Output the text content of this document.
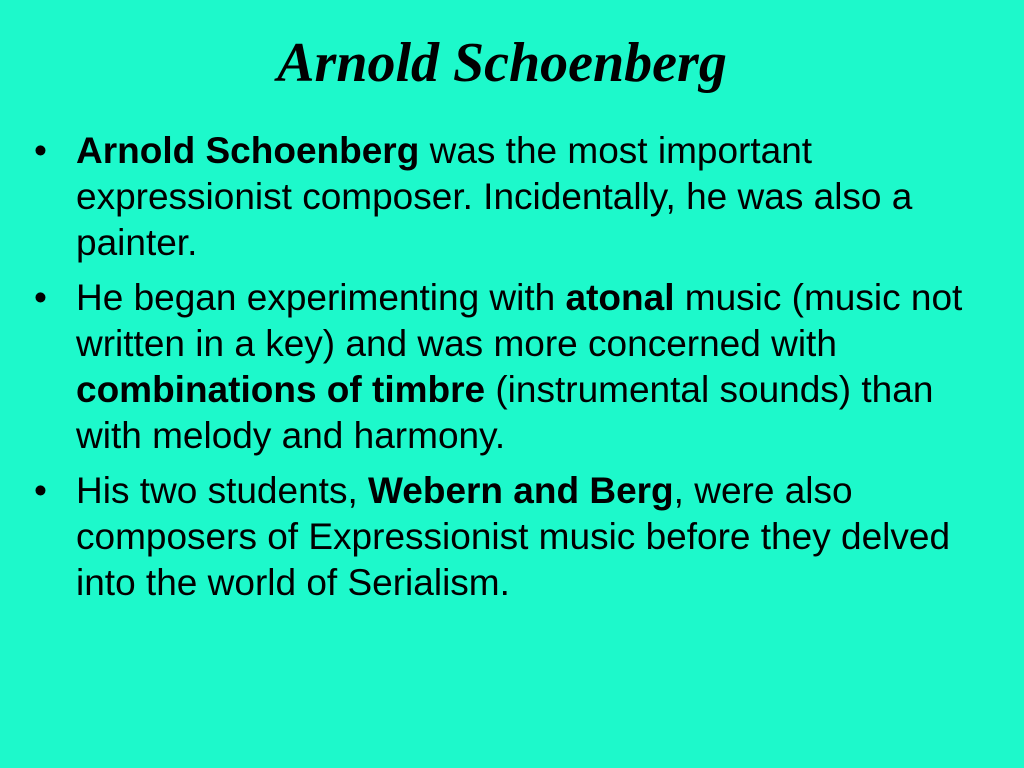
Arnold Schoenberg
• Arnold Schoenberg was the most important expressionist composer. Incidentally, he was also a painter.
• He began experimenting with atonal music (music not written in a key) and was more concerned with combinations of timbre (instrumental sounds) than with melody and harmony.
• His two students, Webern and Berg, were also composers of Expressionist music before they delved into the world of Serialism.
